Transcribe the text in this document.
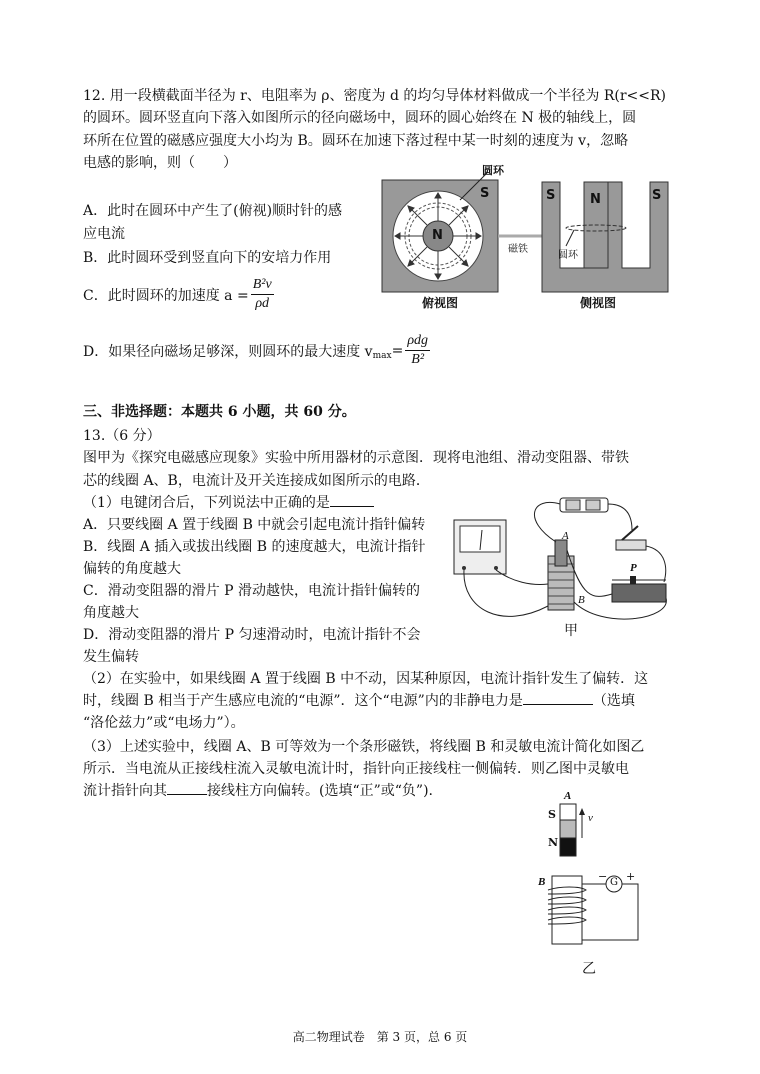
12. 用一段横截面半径为 r、电阻率为 ρ、密度为 d 的均匀导体材料做成一个半径为 R(r<<R)
的圆环。圆环竖直向下落入如图所示的径向磁场中，圆环的圆心始终在 N 极的轴线上，圆
环所在位置的磁感应强度大小均为 B。圆环在加速下落过程中某一时刻的速度为 v，忽略
电感的影响，则（　　）
A．此时在圆环中产生了(俯视)顺时针的感
应电流
B．此时圆环受到竖直向下的安培力作用
C．此时圆环的加速度 $a = \frac{\text{B²v}}{\rho d}$
D．如果径向磁场足够深，则圆环的最大速度 $v_{max} = \frac{\text{ρdg}}{\text{B²}}$
圆环
S
N
S	N	S
磁铁
圆环
俯视图	侧视图
三、非选择题：本题共 6 小题，共 60 分。
13.（6 分）
图甲为《探究电磁感应现象》实验中所用器材的示意图．现将电池组、滑动变阻器、带铁
芯的线圈 A、B，电流计及开关连接成如图所示的电路．
（1）电键闭合后，下列说法中正确的是
A．只要线圈 A 置于线圈 B 中就会引起电流计指针偏转
B．线圈 A 插入或拔出线圈 B 的速度越大，电流计指针
偏转的角度越大
C．滑动变阻器的滑片 P 滑动越快，电流计指针偏转的
角度越大
D．滑动变阻器的滑片 P 匀速滑动时，电流计指针不会
发生偏转
（2）在实验中，如果线圈 A 置于线圈 B 中不动，因某种原因，电流计指针发生了偏转．这
时，线圈 B 相当于产生感应电流的“电源”．这个“电源”内的非静电力是	（选填
“洛伦兹力”或“电场力”）。
（3）上述实验中，线圈 A、B 可等效为一个条形磁铁，将线圈 B 和灵敏电流计简化如图乙
所示．当电流从正接线柱流入灵敏电流计时，指针向正接线柱一侧偏转．则乙图中灵敏电
流计指针向其	接线柱方向偏转。(选填“正”或“负”).
A
B
P
甲
A
S
N
v
B	G
− +
乙
高二物理试卷　第 3 页，总 6 页
